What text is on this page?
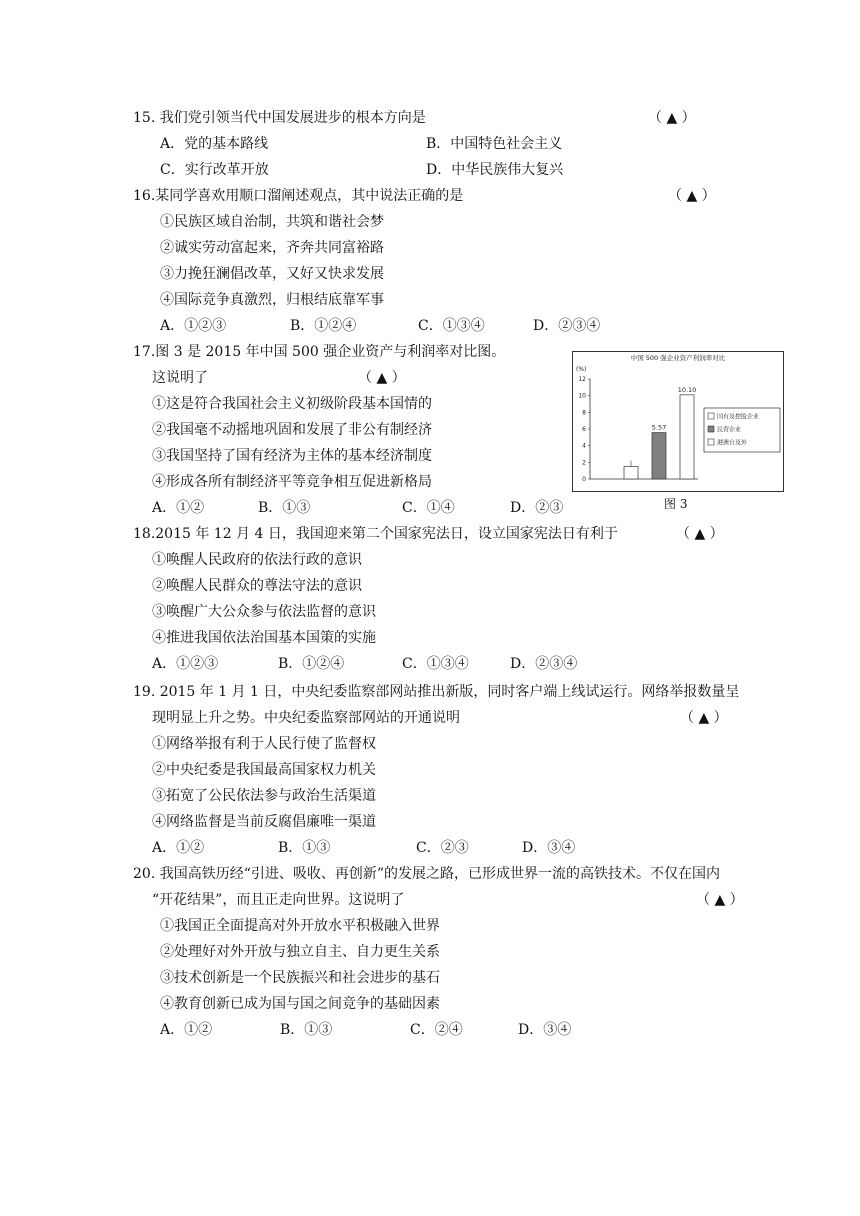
15. 我们党引领当代中国发展进步的根本方向是	（ ▲ ）
A．党的基本路线	B．中国特色社会主义
C．实行改革开放	D．中华民族伟大复兴
16.某同学喜欢用顺口溜阐述观点，其中说法正确的是	（ ▲ ）
①民族区域自治制，共筑和谐社会梦
②诚实劳动富起来，齐奔共同富裕路
③力挽狂澜倡改革，又好又快求发展
④国际竞争真激烈，归根结底靠军事
A．①②③	B．①②④	C．①③④	D．②③④
17.图 3 是 2015 年中国 500 强企业资产与利润率对比图。
这说明了	（ ▲ ）
①这是符合我国社会主义初级阶段基本国情的
②我国毫不动摇地巩固和发展了非公有制经济
③我国坚持了国有经济为主体的基本经济制度
④形成各所有制经济平等竞争相互促进新格局
A．①②	B．①③	C．①④	D．②③
中国 500 强企业资产利润率对比
(%)
0
2
4
6
8
10
12
5.57
10.10
国有及控股企业
民营企业
港澳台及外
图 3
18.2015 年 12 月 4 日，我国迎来第二个国家宪法日，设立国家宪法日有利于	（ ▲ ）
①唤醒人民政府的依法行政的意识
②唤醒人民群众的尊法守法的意识
③唤醒广大公众参与依法监督的意识
④推进我国依法治国基本国策的实施
A．①②③	B．①②④	C．①③④	D．②③④
19. 2015 年 1 月 1 日，中央纪委监察部网站推出新版，同时客户端上线试运行。网络举报数量呈
现明显上升之势。中央纪委监察部网站的开通说明	（ ▲ ）
①网络举报有利于人民行使了监督权
②中央纪委是我国最高国家权力机关
③拓宽了公民依法参与政治生活渠道
④网络监督是当前反腐倡廉唯一渠道
A．①②	B．①③	C．②③	D．③④
20. 我国高铁历经“引进、吸收、再创新”的发展之路，已形成世界一流的高铁技术。不仅在国内
“开花结果”，而且正走向世界。这说明了	（ ▲ ）
①我国正全面提高对外开放水平积极融入世界
②处理好对外开放与独立自主、自力更生关系
③技术创新是一个民族振兴和社会进步的基石
④教育创新已成为国与国之间竞争的基础因素
A．①②	B．①③	C．②④	D．③④
